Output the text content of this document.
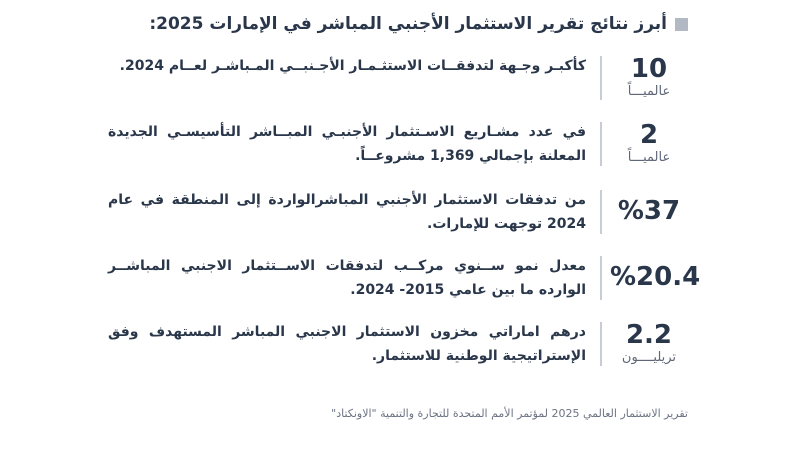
أبرز نتائج تقرير الاستثمار الأجنبي المباشر في الإمارات 2025:
10
عالميـــاً
كأكبـر وجـهة لتدفقــات الاستثـمـار الأجـنبــي المـباشـر لعــام 2024.
2
عالميـــاً
في عدد مشـاريع الاسـتثمار الأجنبـي المبــاشر التأسيسـي الجديدة المعلنة بإجمالي 1,369 مشروعــاً.
%37
من تدفقات الاستثمار الأجنبي المباشرالواردة إلى المنطقة في عام 2024 توجهت للإمارات.
%20.4
معدل نمو ســنوي مركــب لتدفقات الاســتثمار الاجنبي المباشــر الوارده ما بين عامي 2015- 2024.
2.2
تريليــــون
درهم اماراتي مخزون الاستثمار الاجنبي المباشر المستهدف وفق الإستراتيجية الوطنية للاستثمار.
تقرير الاستثمار العالمي 2025 لمؤتمر الأمم المتحدة للتجارة والتنمية "الاونكتاد"
